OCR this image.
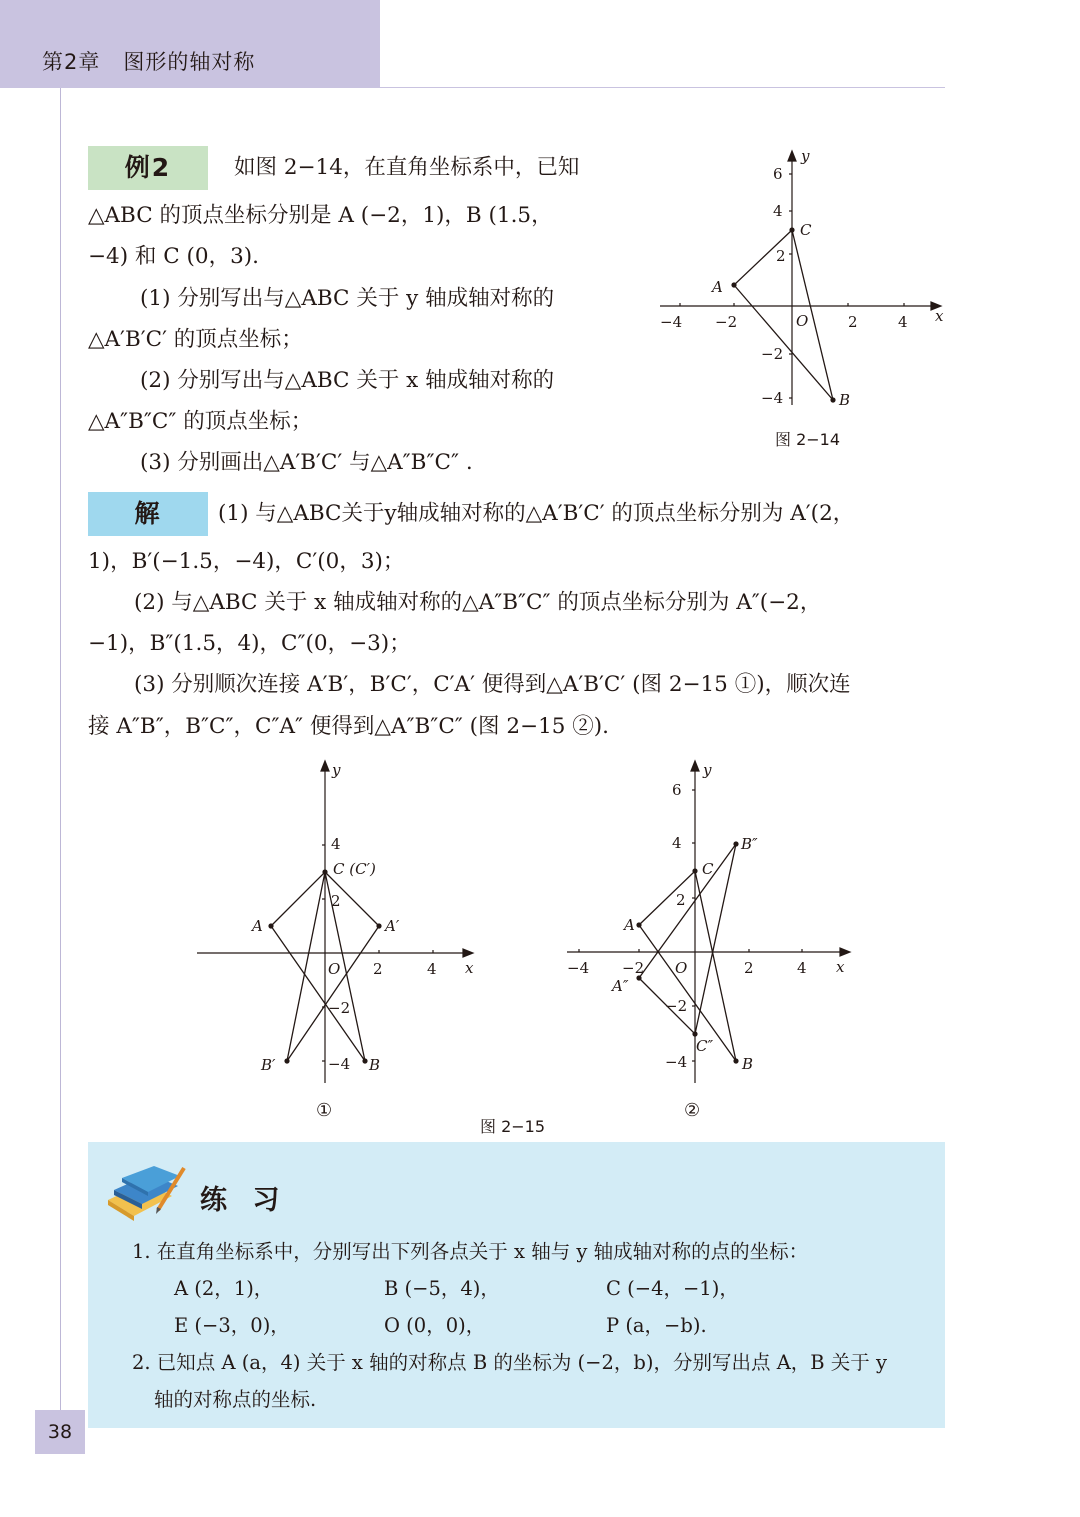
第2章 图形的轴对称
例2	如图 2−14，在直角坐标系中，已知
△ABC 的顶点坐标分别是 A (−2，1)，B (1.5，
−4) 和 C (0，3).
(1) 分别写出与△ABC 关于 y 轴成轴对称的
△A′B′C′ 的顶点坐标；
(2) 分别写出与△ABC 关于 x 轴成轴对称的
△A″B″C″ 的顶点坐标；
(3) 分别画出△A′B′C′ 与△A″B″C″ .
−4 −2	2	4
6
4
2
−2
−4
O	x
y
A
B
C
图 2−14
解	(1) 与△ABC关于y轴成轴对称的△A′B′C′ 的顶点坐标分别为 A′(2，
1)，B′(−1.5，−4)，C′(0，3)；
(2) 与△ABC 关于 x 轴成轴对称的△A″B″C″ 的顶点坐标分别为 A″(−2，
−1)，B″(1.5，4)，C″(0，−3)；
(3) 分别顺次连接 A′B′，B′C′，C′A′ 便得到△A′B′C′ (图 2−15 ①)，顺次连
接 A″B″，B″C″，C″A″ 便得到△A″B″C″ (图 2−15 ②).
2	4
4
2
−2
−4
O	x
y
A
B
C (C′)
A′
B′
①
−4 −2	2	4
6
4
2
−2
−4
O	x
y
A
B
C
A″
B″
C″
②
图 2−15
练 习
1. 在直角坐标系中，分别写出下列各点关于 x 轴与 y 轴成轴对称的点的坐标：
A (2，1)，	B (−5，4)，	C (−4，−1)，
E (−3，0)，	O (0，0)，	P (a，−b).
2. 已知点 A (a，4) 关于 x 轴的对称点 B 的坐标为 (−2，b)，分别写出点 A，B 关于 y
轴的对称点的坐标.
38
